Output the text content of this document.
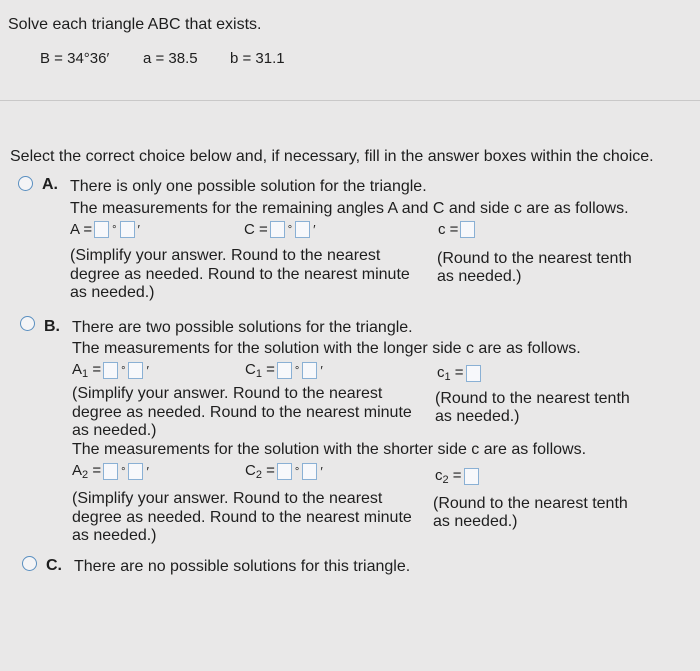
Solve each triangle ABC that exists.
B = 34°36′ a = 38.5 b = 31.1
Select the correct choice below and, if necessary, fill in the answer boxes within the choice.
A. There is only one possible solution for the triangle.
The measurements for the remaining angles A and C and side c are as follows.
A = ° ′	C = ° ′	c =
(Simplify your answer. Round to the nearest
degree as needed. Round to the nearest minute
as needed.)
(Round to the nearest tenth
as needed.)
B. There are two possible solutions for the triangle.
The measurements for the solution with the longer side c are as follows.
$A_1$ = ° ′	$C_1$ = ° ′	$c_1$ =
(Simplify your answer. Round to the nearest
degree as needed. Round to the nearest minute
as needed.)
(Round to the nearest tenth
as needed.)
The measurements for the solution with the shorter side c are as follows.
$A_2$ = ° ′	$C_2$ = ° ′	$c_2$ =
(Simplify your answer. Round to the nearest
degree as needed. Round to the nearest minute
as needed.)
(Round to the nearest tenth
as needed.)
C. There are no possible solutions for this triangle.
